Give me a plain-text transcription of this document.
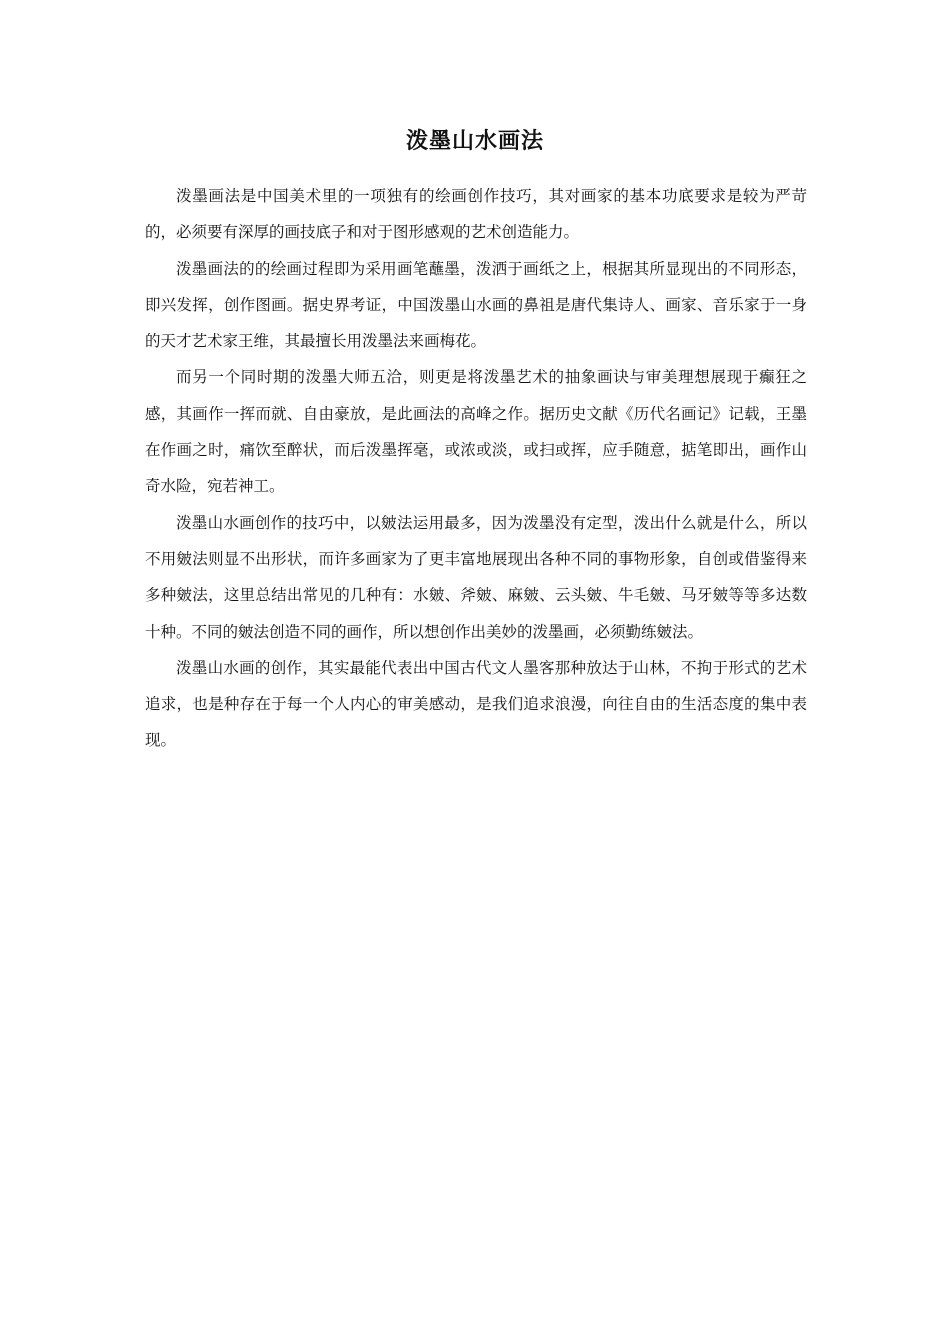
泼墨山水画法

泼墨画法是中国美术里的一项独有的绘画创作技巧，其对画家的基本功底要求是较为严苛的，必须要有深厚的画技底子和对于图形感观的艺术创造能力。

泼墨画法的的绘画过程即为采用画笔蘸墨，泼洒于画纸之上，根据其所显现出的不同形态，即兴发挥，创作图画。据史界考证，中国泼墨山水画的鼻祖是唐代集诗人、画家、音乐家于一身的天才艺术家王维，其最擅长用泼墨法来画梅花。

而另一个同时期的泼墨大师五洽，则更是将泼墨艺术的抽象画诀与审美理想展现于癫狂之感，其画作一挥而就、自由豪放，是此画法的高峰之作。据历史文献《历代名画记》记载，王墨在作画之时，痛饮至醉状，而后泼墨挥毫，或浓或淡，或扫或挥，应手随意，掂笔即出，画作山奇水险，宛若神工。

泼墨山水画创作的技巧中，以皴法运用最多，因为泼墨没有定型，泼出什么就是什么，所以不用皴法则显不出形状，而许多画家为了更丰富地展现出各种不同的事物形象，自创或借鉴得来多种皴法，这里总结出常见的几种有：水皴、斧皴、麻皴、云头皴、牛毛皴、马牙皴等等多达数十种。不同的皴法创造不同的画作，所以想创作出美妙的泼墨画，必须勤练皴法。

泼墨山水画的创作，其实最能代表出中国古代文人墨客那种放达于山林，不拘于形式的艺术追求，也是种存在于每一个人内心的审美感动，是我们追求浪漫，向往自由的生活态度的集中表现。
